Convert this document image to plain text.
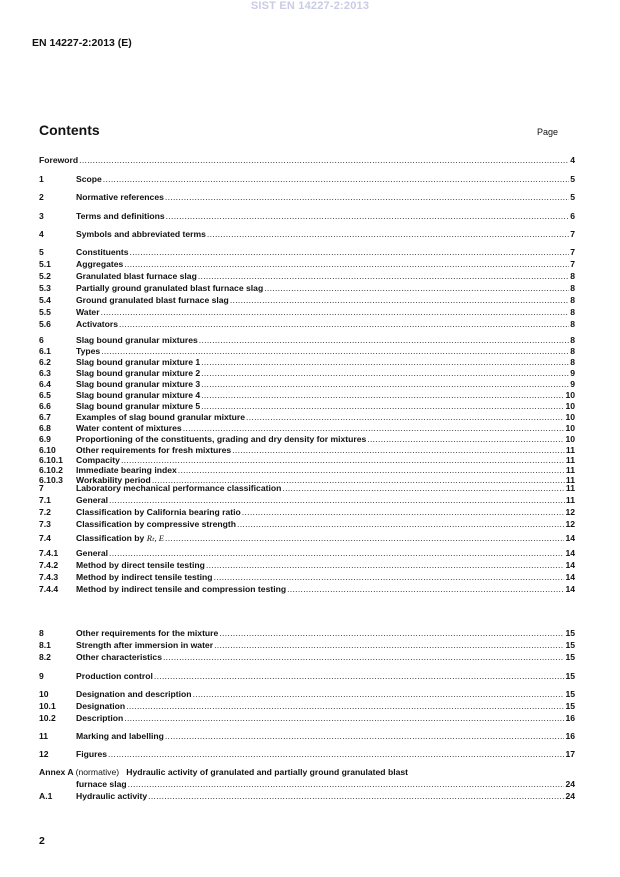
SIST EN 14227-2:2013
EN 14227-2:2013 (E)
Contents	Page
Foreword .....	4
1	Scope .....	5
2	Normative references .....	5
3	Terms and definitions .....	6
4	Symbols and abbreviated terms .....	7
5	Constituents .....	7
5.1	Aggregates .....	7
5.2	Granulated blast furnace slag .....	8
5.3	Partially ground granulated blast furnace slag .....	8
5.4	Ground granulated blast furnace slag .....	8
5.5	Water .....	8
5.6	Activators .....	8
6	Slag bound granular mixtures .....	8
6.1	Types .....	8
6.2	Slag bound granular mixture 1 .....	8
6.3	Slag bound granular mixture 2 .....	9
6.4	Slag bound granular mixture 3 .....	9
6.5	Slag bound granular mixture 4 .....	10
6.6	Slag bound granular mixture 5 .....	10
6.7	Examples of slag bound granular mixture .....	10
6.8	Water content of mixtures .....	10
6.9	Proportioning of the constituents, grading and dry density for mixtures .....	10
6.10	Other requirements for fresh mixtures .....	11
6.10.1	Compacity .....	11
6.10.2	Immediate bearing index .....	11
6.10.3	Workability period .....	11
7	Laboratory mechanical performance classification .....	11
7.1	General .....	11
7.2	Classification by California bearing ratio .....	12
7.3	Classification by compressive strength .....	12
7.4	Classification by Rₜ, E .....	14
7.4.1	General .....	14
7.4.2	Method by direct tensile testing .....	14
7.4.3	Method by indirect tensile testing .....	14
7.4.4	Method by indirect tensile and compression testing .....	14
8	Other requirements for the mixture .....	15
8.1	Strength after immersion in water .....	15
8.2	Other characteristics .....	15
9	Production control .....	15
10	Designation and description .....	15
10.1	Designation .....	15
10.2	Description .....	16
11	Marking and labelling .....	16
12	Figures .....	17
Annex A (normative) Hydraulic activity of granulated and partially ground granulated blast
furnace slag .....	24
A.1	Hydraulic activity .....	24
2
